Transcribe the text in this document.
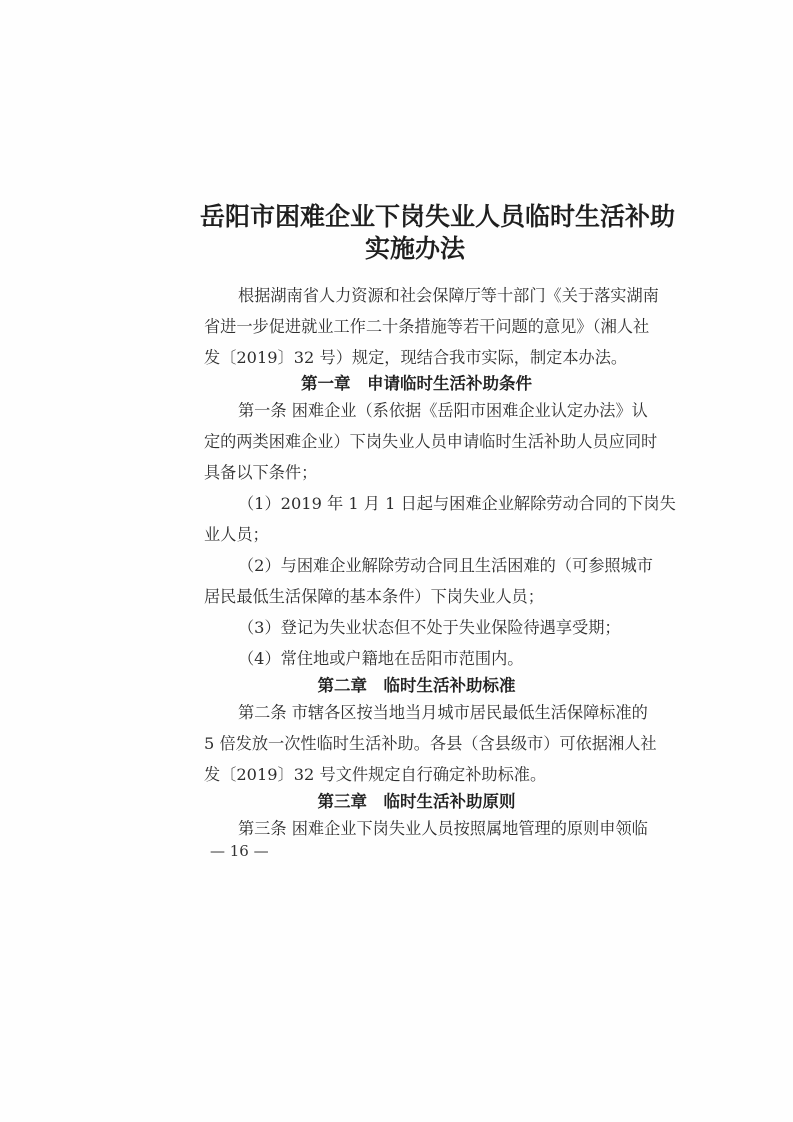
岳阳市困难企业下岗失业人员临时生活补助
实施办法
根据湖南省人力资源和社会保障厅等十部门《关于落实湖南
省进一步促进就业工作二十条措施等若干问题的意见》（湘人社
发〔2019〕32 号）规定，现结合我市实际，制定本办法。
第一章　申请临时生活补助条件
第一条 困难企业（系依据《岳阳市困难企业认定办法》认
定的两类困难企业）下岗失业人员申请临时生活补助人员应同时
具备以下条件；
（1）2019 年 1 月 1 日起与困难企业解除劳动合同的下岗失
业人员；
（2）与困难企业解除劳动合同且生活困难的（可参照城市
居民最低生活保障的基本条件）下岗失业人员；
（3）登记为失业状态但不处于失业保险待遇享受期；
（4）常住地或户籍地在岳阳市范围内。
第二章　临时生活补助标准
第二条 市辖各区按当地当月城市居民最低生活保障标准的
5 倍发放一次性临时生活补助。各县（含县级市）可依据湘人社
发〔2019〕32 号文件规定自行确定补助标准。
— 16 —
第三章　临时生活补助原则
第三条 困难企业下岗失业人员按照属地管理的原则申领临
